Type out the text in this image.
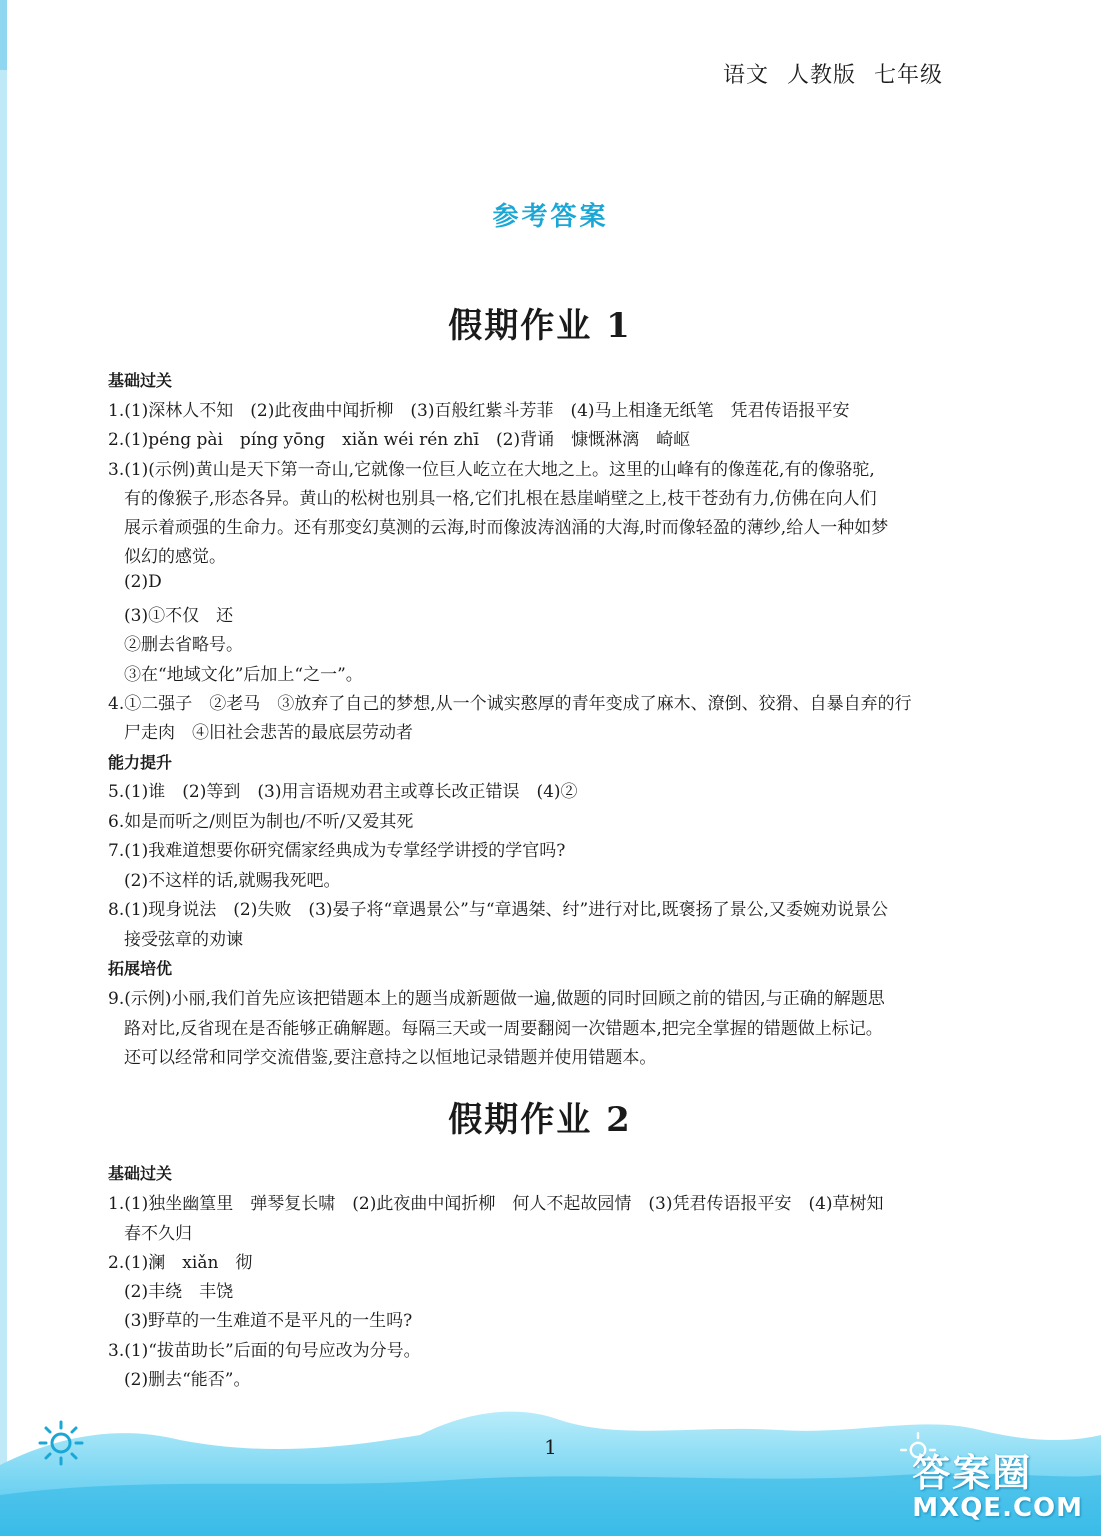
语文 人教版 七年级
参考答案
假期作业 1
基础过关
1.(1)深林人不知　(2)此夜曲中闻折柳　(3)百般红紫斗芳菲　(4)马上相逢无纸笔　凭君传语报平安
2.(1)péng pài　píng yōng　xiǎn wéi rén zhī　(2)背诵　慷慨淋漓　崎岖
3.(1)(示例)黄山是天下第一奇山,它就像一位巨人屹立在大地之上。这里的山峰有的像莲花,有的像骆驼,
有的像猴子,形态各异。黄山的松树也别具一格,它们扎根在悬崖峭壁之上,枝干苍劲有力,仿佛在向人们
展示着顽强的生命力。还有那变幻莫测的云海,时而像波涛汹涌的大海,时而像轻盈的薄纱,给人一种如梦
似幻的感觉。
(2)D
(3)①不仅　还
②删去省略号。
③在“地域文化”后加上“之一”。
4.①二强子　②老马　③放弃了自己的梦想,从一个诚实憨厚的青年变成了麻木、潦倒、狡猾、自暴自弃的行
尸走肉　④旧社会悲苦的最底层劳动者
能力提升
5.(1)谁　(2)等到　(3)用言语规劝君主或尊长改正错误　(4)②
6.如是而听之/则臣为制也/不听/又爱其死
7.(1)我难道想要你研究儒家经典成为专掌经学讲授的学官吗?
(2)不这样的话,就赐我死吧。
8.(1)现身说法　(2)失败　(3)晏子将“章遇景公”与“章遇桀、纣”进行对比,既褒扬了景公,又委婉劝说景公
接受弦章的劝谏
拓展培优
9.(示例)小丽,我们首先应该把错题本上的题当成新题做一遍,做题的同时回顾之前的错因,与正确的解题思
路对比,反省现在是否能够正确解题。每隔三天或一周要翻阅一次错题本,把完全掌握的错题做上标记。
还可以经常和同学交流借鉴,要注意持之以恒地记录错题并使用错题本。
假期作业 2
基础过关
1.(1)独坐幽篁里　弹琴复长啸　(2)此夜曲中闻折柳　何人不起故园情　(3)凭君传语报平安　(4)草树知
春不久归
2.(1)澜　xiǎn　彻
(2)丰绕　丰饶
(3)野草的一生难道不是平凡的一生吗?
3.(1)“拔苗助长”后面的句号应改为分号。
(2)删去“能否”。
1
答案圈
MXQE.COM
